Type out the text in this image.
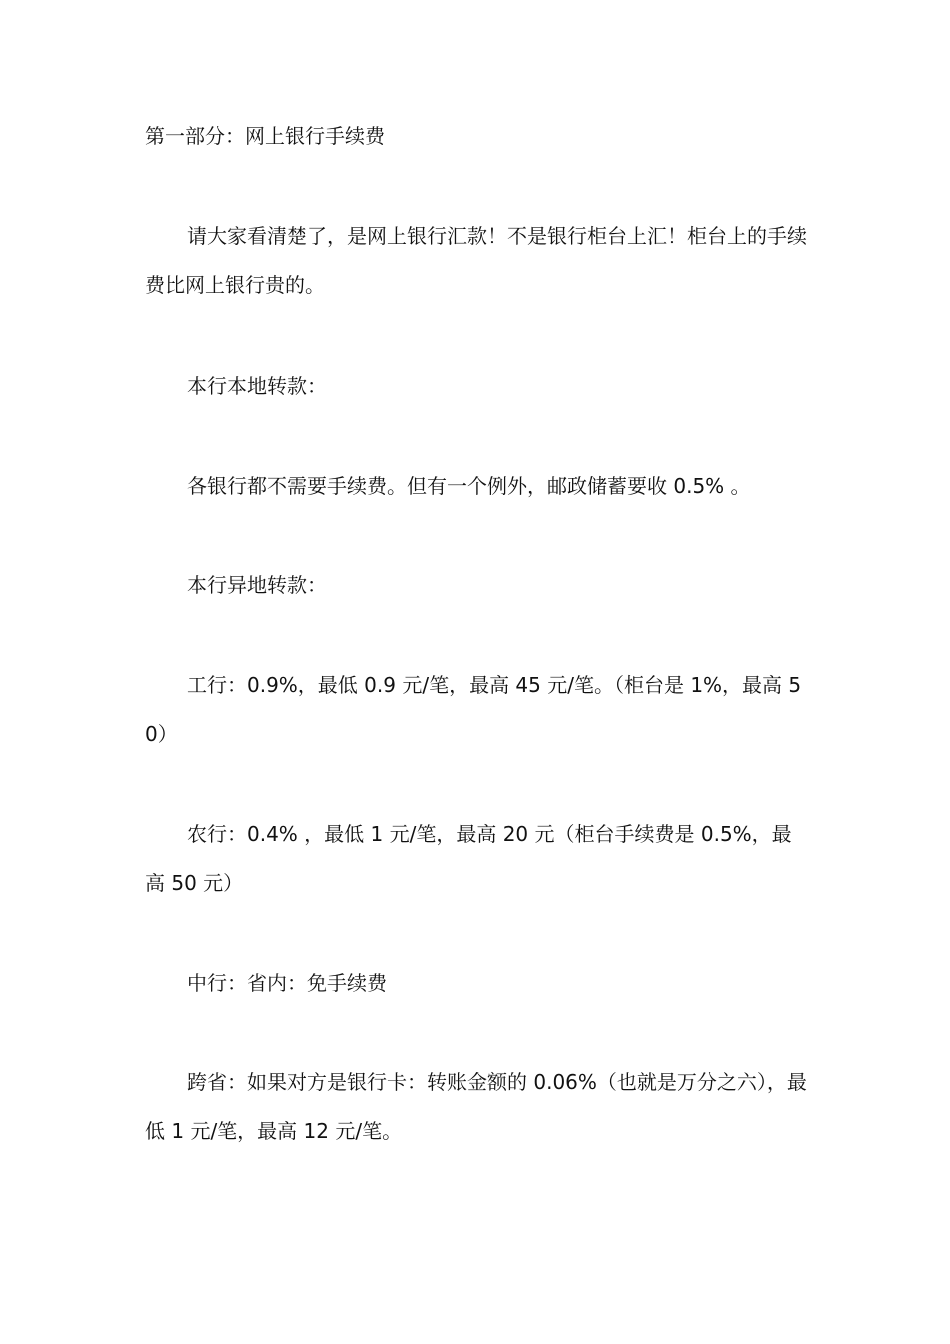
第一部分：网上银行手续费

请大家看清楚了，是网上银行汇款！不是银行柜台上汇！柜台上的手续费比网上银行贵的。

本行本地转款：

各银行都不需要手续费。但有一个例外，邮政储蓄要收 0.5% 。

本行异地转款：

工行：0.9%，最低 0.9 元/笔，最高 45 元/笔。（柜台是 1%，最高 50）

农行：0.4% ，最低 1 元/笔，最高 20 元（柜台手续费是 0.5%，最高 50 元）

中行：省内：免手续费

跨省：如果对方是银行卡：转账金额的 0.06%（也就是万分之六），最低 1 元/笔，最高 12 元/笔。
